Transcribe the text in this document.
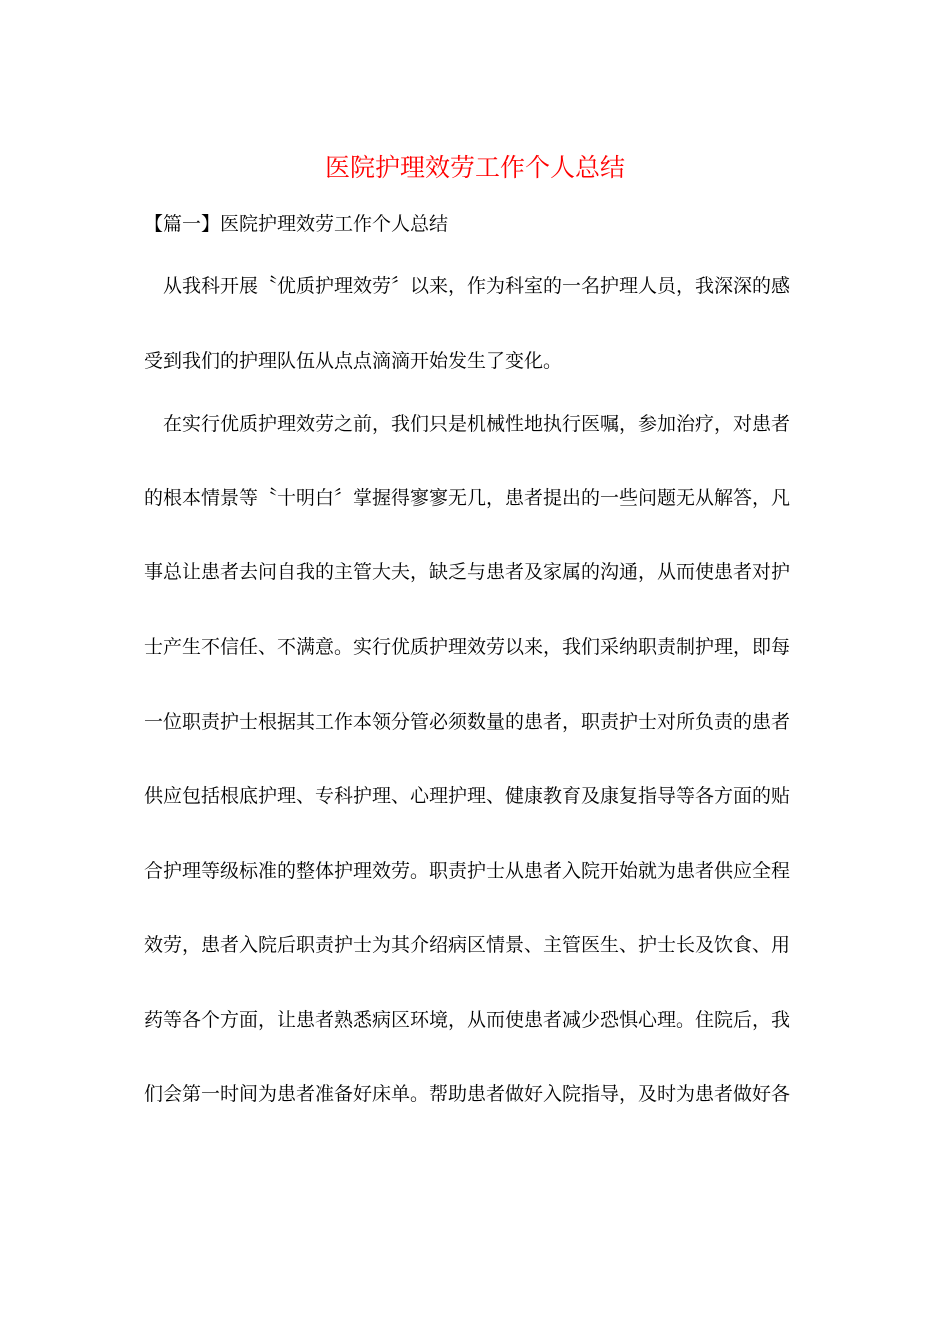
医院护理效劳工作个人总结
【篇一】医院护理效劳工作个人总结

从我科开展〝优质护理效劳〞以来，作为科室的一名护理人员，我深深的感

受到我们的护理队伍从点点滴滴开始发生了变化。

在实行优质护理效劳之前，我们只是机械性地执行医嘱，参加治疗，对患者

的根本情景等〝十明白〞掌握得寥寥无几，患者提出的一些问题无从解答，凡

事总让患者去问自我的主管大夫，缺乏与患者及家属的沟通，从而使患者对护

士产生不信任、不满意。实行优质护理效劳以来，我们采纳职责制护理，即每

一位职责护士根据其工作本领分管必须数量的患者，职责护士对所负责的患者

供应包括根底护理、专科护理、心理护理、健康教育及康复指导等各方面的贴

合护理等级标准的整体护理效劳。职责护士从患者入院开始就为患者供应全程

效劳，患者入院后职责护士为其介绍病区情景、主管医生、护士长及饮食、用

药等各个方面，让患者熟悉病区环境，从而使患者减少恐惧心理。住院后，我

们会第一时间为患者准备好床单。帮助患者做好入院指导，及时为患者做好各
